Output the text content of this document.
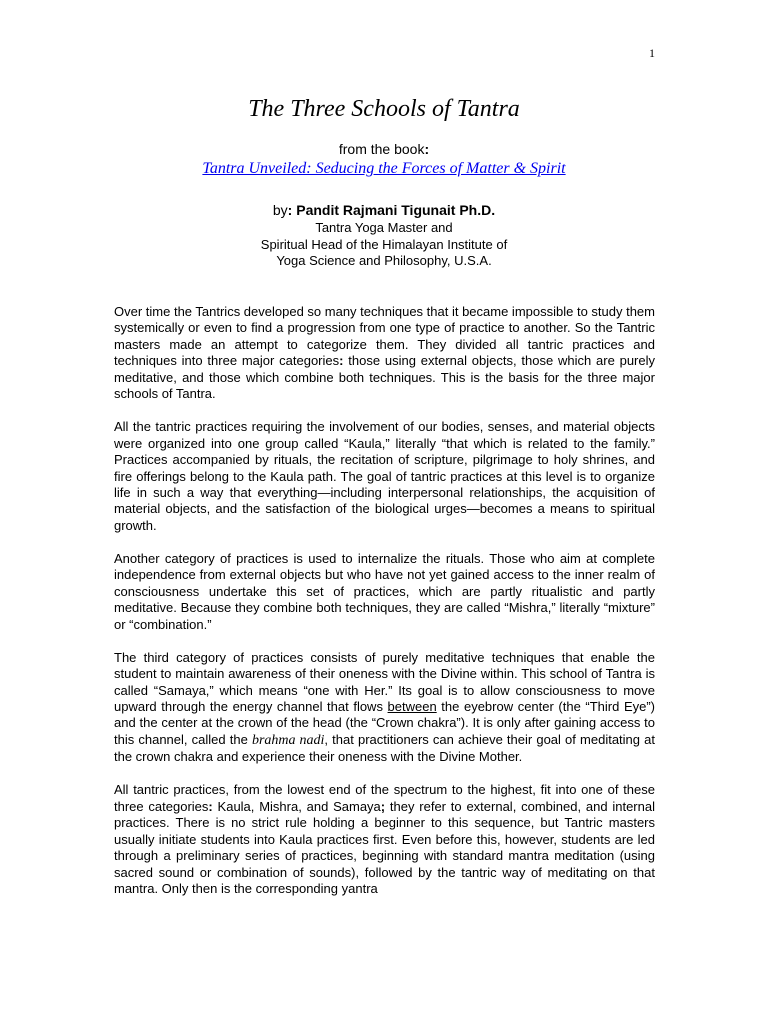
1
The Three Schools of Tantra
from the book:
Tantra Unveiled: Seducing the Forces of Matter & Spirit
by: Pandit Rajmani Tigunait Ph.D.
Tantra Yoga Master and
Spiritual Head of the Himalayan Institute of
Yoga Science and Philosophy, U.S.A.

Over time the Tantrics developed so many techniques that it became impossible to study them systemically or even to find a progression from one type of practice to another. So the Tantric masters made an attempt to categorize them. They divided all tantric practices and techniques into three major categories: those using external objects, those which are purely meditative, and those which combine both techniques. This is the basis for the three major schools of Tantra.

All the tantric practices requiring the involvement of our bodies, senses, and material objects were organized into one group called “Kaula,” literally “that which is related to the family.” Practices accompanied by rituals, the recitation of scripture, pilgrimage to holy shrines, and fire offerings belong to the Kaula path. The goal of tantric practices at this level is to organize life in such a way that everything—including interpersonal relationships, the acquisition of material objects, and the satisfaction of the biological urges—becomes a means to spiritual growth.

Another category of practices is used to internalize the rituals. Those who aim at complete independence from external objects but who have not yet gained access to the inner realm of consciousness undertake this set of practices, which are partly ritualistic and partly meditative. Because they combine both techniques, they are called “Mishra,” literally “mixture” or “combination.”

The third category of practices consists of purely meditative techniques that enable the student to maintain awareness of their oneness with the Divine within. This school of Tantra is called “Samaya,” which means “one with Her.” Its goal is to allow consciousness to move upward through the energy channel that flows between the eyebrow center (the “Third Eye”) and the center at the crown of the head (the “Crown chakra”). It is only after gaining access to this channel, called the brahma nadi, that practitioners can achieve their goal of meditating at the crown chakra and experience their oneness with the Divine Mother.

All tantric practices, from the lowest end of the spectrum to the highest, fit into one of these three categories: Kaula, Mishra, and Samaya; they refer to external, combined, and internal practices. There is no strict rule holding a beginner to this sequence, but Tantric masters usually initiate students into Kaula practices first. Even before this, however, students are led through a preliminary series of practices, beginning with standard mantra meditation (using sacred sound or combination of sounds), followed by the tantric way of meditating on that mantra. Only then is the corresponding yantra
